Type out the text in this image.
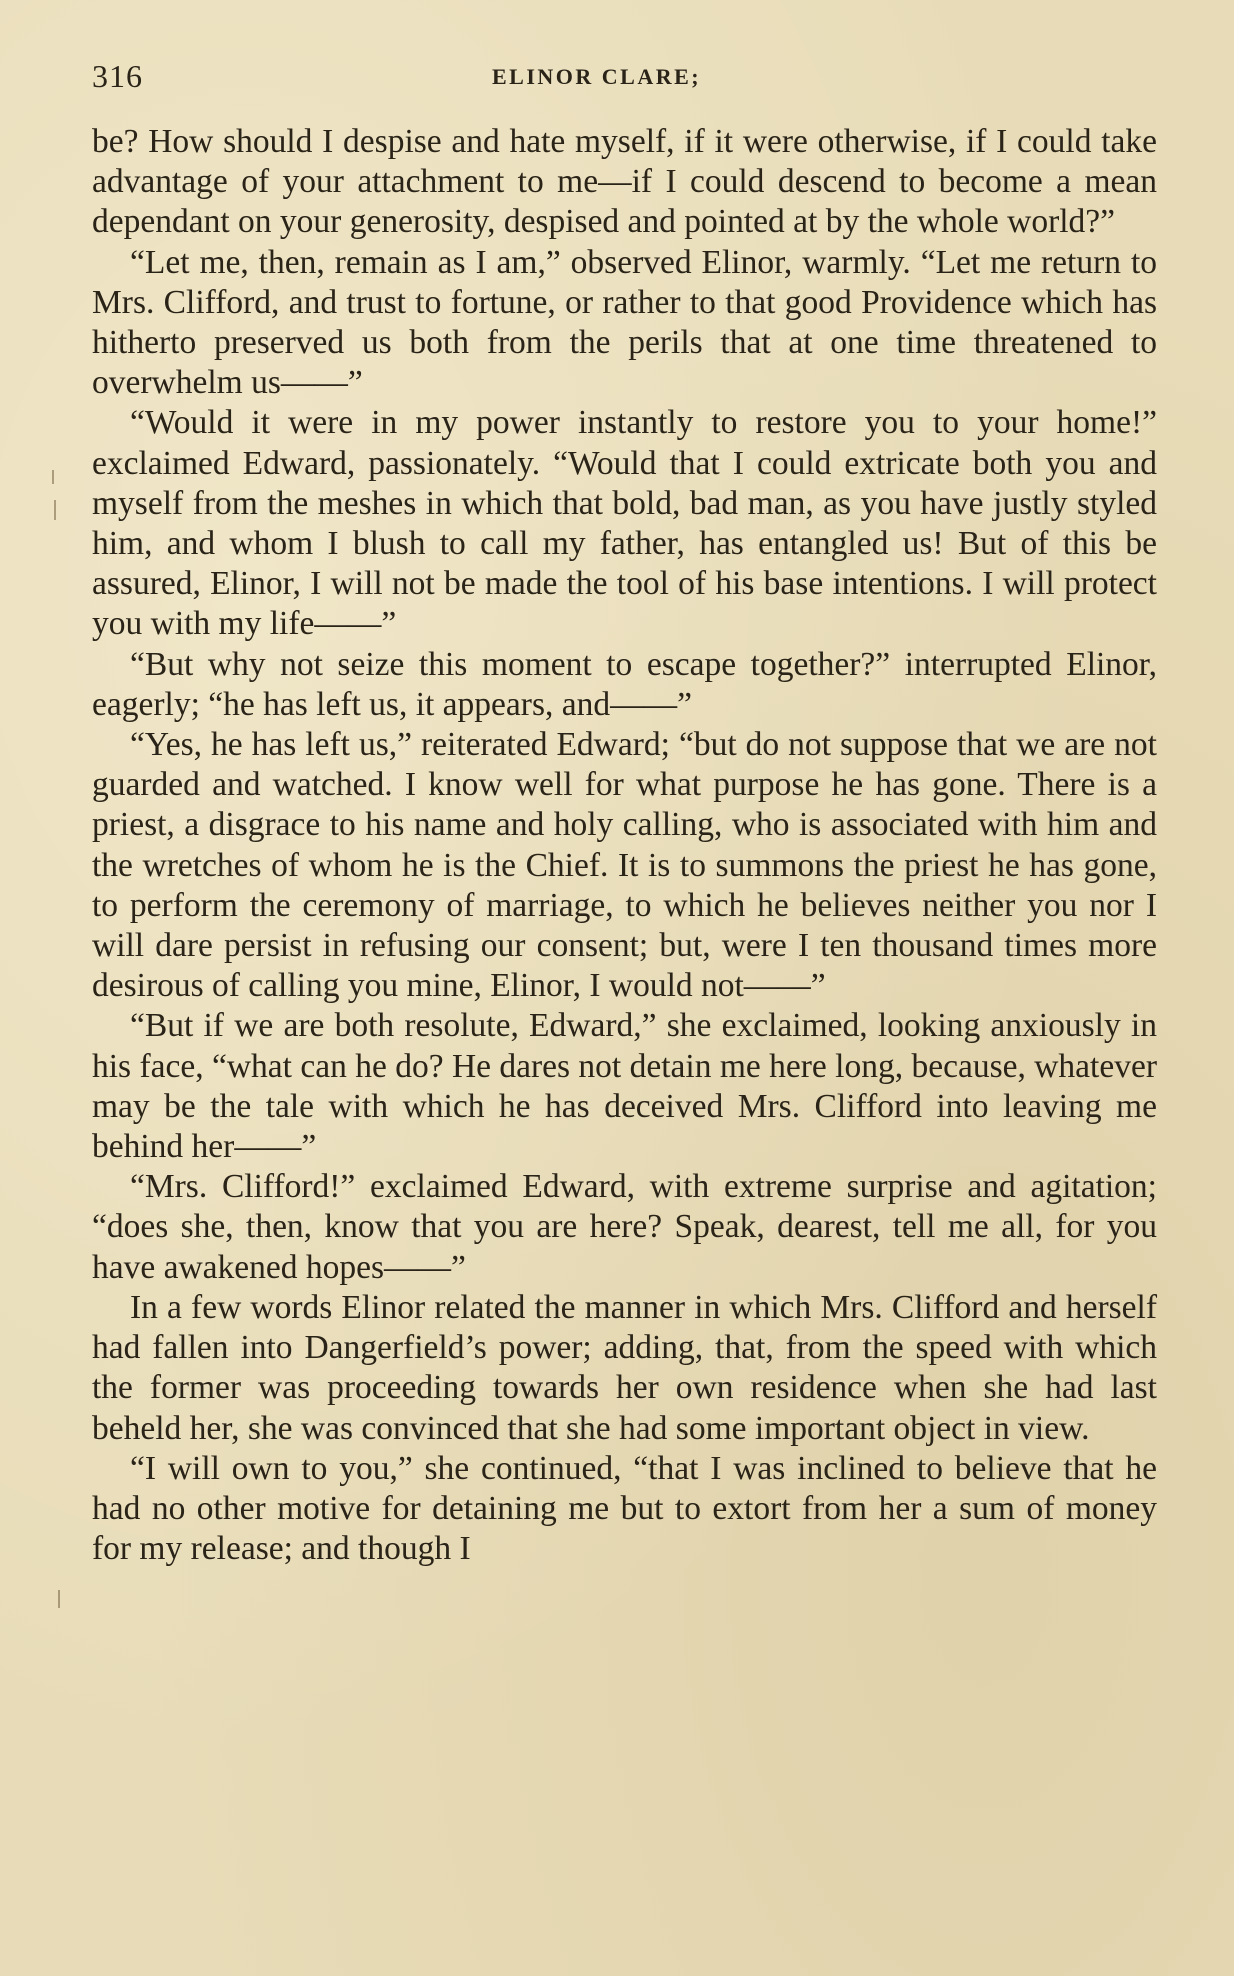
316	ELINOR CLARE;

be? How should I despise and hate myself, if it were otherwise, if I could take advantage of your attachment to me—if I could descend to become a mean dependant on your generosity, despised and pointed at by the whole world?”

“Let me, then, remain as I am,” observed Elinor, warmly. “Let me return to Mrs. Clifford, and trust to fortune, or rather to that good Providence which has hitherto preserved us both from the perils that at one time threatened to overwhelm us——”

“Would it were in my power instantly to restore you to your home!” exclaimed Edward, passionately. “Would that I could extricate both you and myself from the meshes in which that bold, bad man, as you have justly styled him, and whom I blush to call my father, has entangled us! But of this be assured, Elinor, I will not be made the tool of his base intentions. I will protect you with my life——”

“But why not seize this moment to escape together?” interrupted Elinor, eagerly; “he has left us, it appears, and——”

“Yes, he has left us,” reiterated Edward; “but do not suppose that we are not guarded and watched. I know well for what purpose he has gone. There is a priest, a disgrace to his name and holy calling, who is associated with him and the wretches of whom he is the Chief. It is to summons the priest he has gone, to perform the ceremony of marriage, to which he believes neither you nor I will dare persist in refusing our consent; but, were I ten thousand times more desirous of calling you mine, Elinor, I would not——”

“But if we are both resolute, Edward,” she exclaimed, looking anxiously in his face, “what can he do? He dares not detain me here long, because, whatever may be the tale with which he has deceived Mrs. Clifford into leaving me behind her——”

“Mrs. Clifford!” exclaimed Edward, with extreme surprise and agitation; “does she, then, know that you are here? Speak, dearest, tell me all, for you have awakened hopes——”

In a few words Elinor related the manner in which Mrs. Clifford and herself had fallen into Dangerfield’s power; adding, that, from the speed with which the former was proceeding towards her own residence when she had last beheld her, she was convinced that she had some important object in view.

“I will own to you,” she continued, “that I was inclined to believe that he had no other motive for detaining me but to extort from her a sum of money for my release; and though I
